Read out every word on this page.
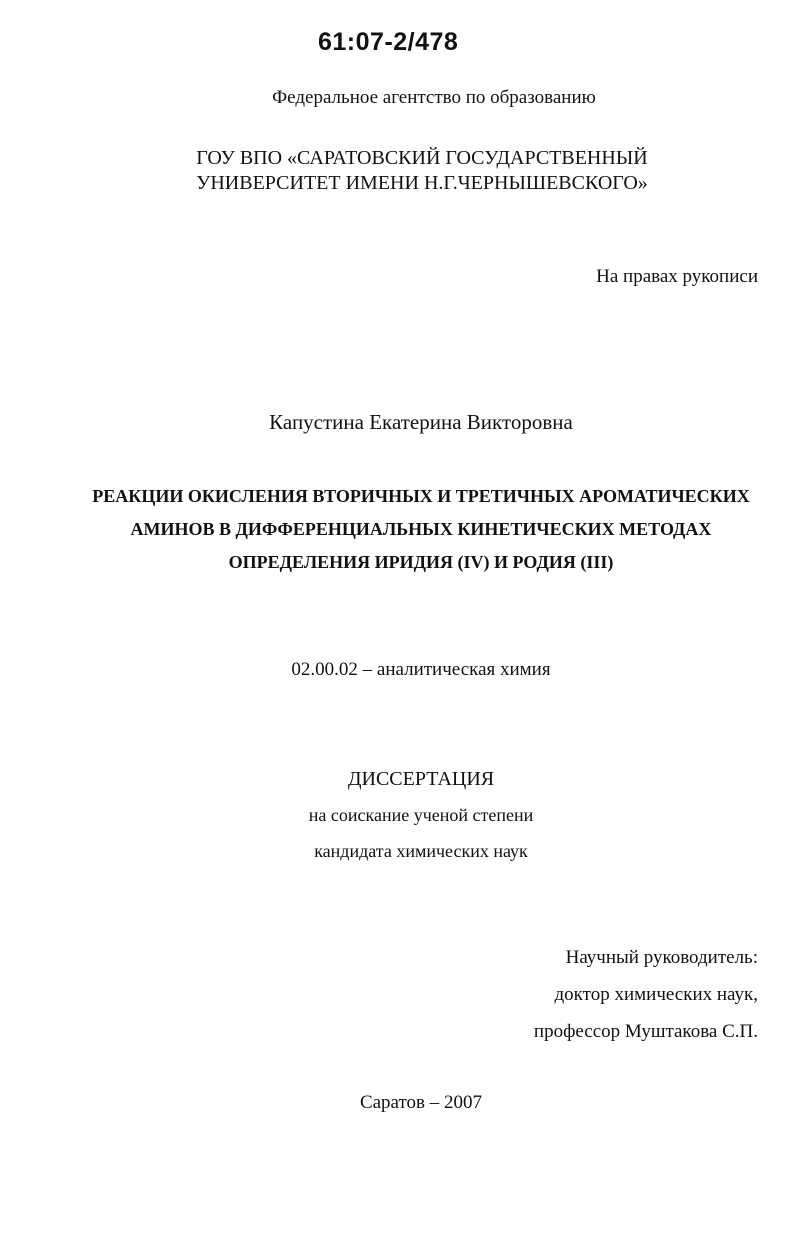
61:07-2/478
Федеральное агентство по образованию
ГОУ ВПО «САРАТОВСКИЙ ГОСУДАРСТВЕННЫЙ
УНИВЕРСИТЕТ ИМЕНИ Н.Г.ЧЕРНЫШЕВСКОГО»
На правах рукописи
Капустина Екатерина Викторовна
РЕАКЦИИ ОКИСЛЕНИЯ ВТОРИЧНЫХ И ТРЕТИЧНЫХ АРОМАТИЧЕСКИХ
АМИНОВ В ДИФФЕРЕНЦИАЛЬНЫХ КИНЕТИЧЕСКИХ МЕТОДАХ
ОПРЕДЕЛЕНИЯ ИРИДИЯ (IV) И РОДИЯ (III)
02.00.02 – аналитическая химия
ДИССЕРТАЦИЯ
на соискание ученой степени
кандидата химических наук
Научный руководитель:
доктор химических наук,
профессор Муштакова С.П.
Саратов – 2007
